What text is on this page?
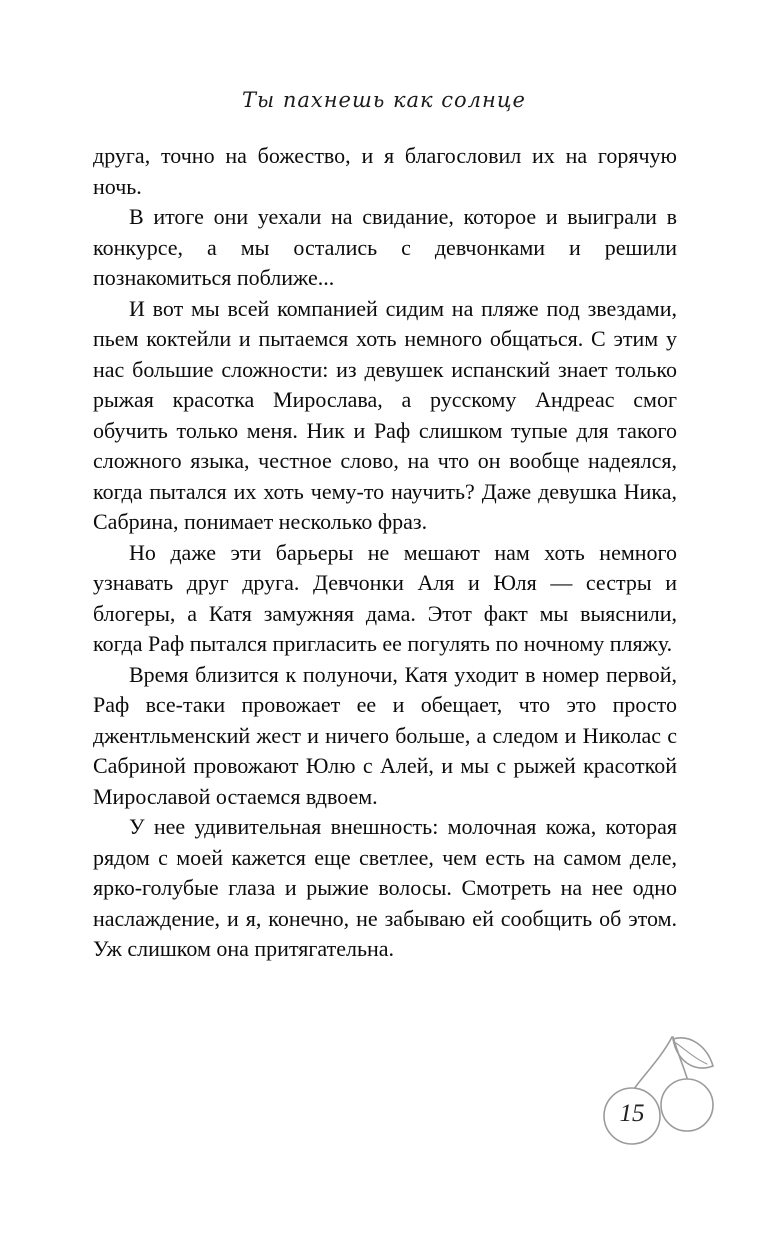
Ты пахнешь как солнце

друга, точно на божество, и я благословил их на горячую ночь.

В итоге они уехали на свидание, которое и выиграли в конкурсе, а мы остались с девчонками и решили познакомиться поближе...

И вот мы всей компанией сидим на пляже под звездами, пьем коктейли и пытаемся хоть немного общаться. С этим у нас большие сложности: из девушек испанский знает только рыжая красотка Мирослава, а русскому Андреас смог обучить только меня. Ник и Раф слишком тупые для такого сложного языка, честное слово, на что он вообще надеялся, когда пытался их хоть чему-то научить? Даже девушка Ника, Сабрина, понимает несколько фраз.

Но даже эти барьеры не мешают нам хоть немного узнавать друг друга. Девчонки Аля и Юля — сестры и блогеры, а Катя замужняя дама. Этот факт мы выяснили, когда Раф пытался пригласить ее погулять по ночному пляжу.

Время близится к полуночи, Катя уходит в номер первой, Раф все-таки провожает ее и обещает, что это просто джентльменский жест и ничего больше, а следом и Николас с Сабриной провожают Юлю с Алей, и мы с рыжей красоткой Мирославой остаемся вдвоем.

У нее удивительная внешность: молочная кожа, которая рядом с моей кажется еще светлее, чем есть на самом деле, ярко-голубые глаза и рыжие волосы. Смотреть на нее одно наслаждение, и я, конечно, не забываю ей сообщить об этом. Уж слишком она притягательна.

15
